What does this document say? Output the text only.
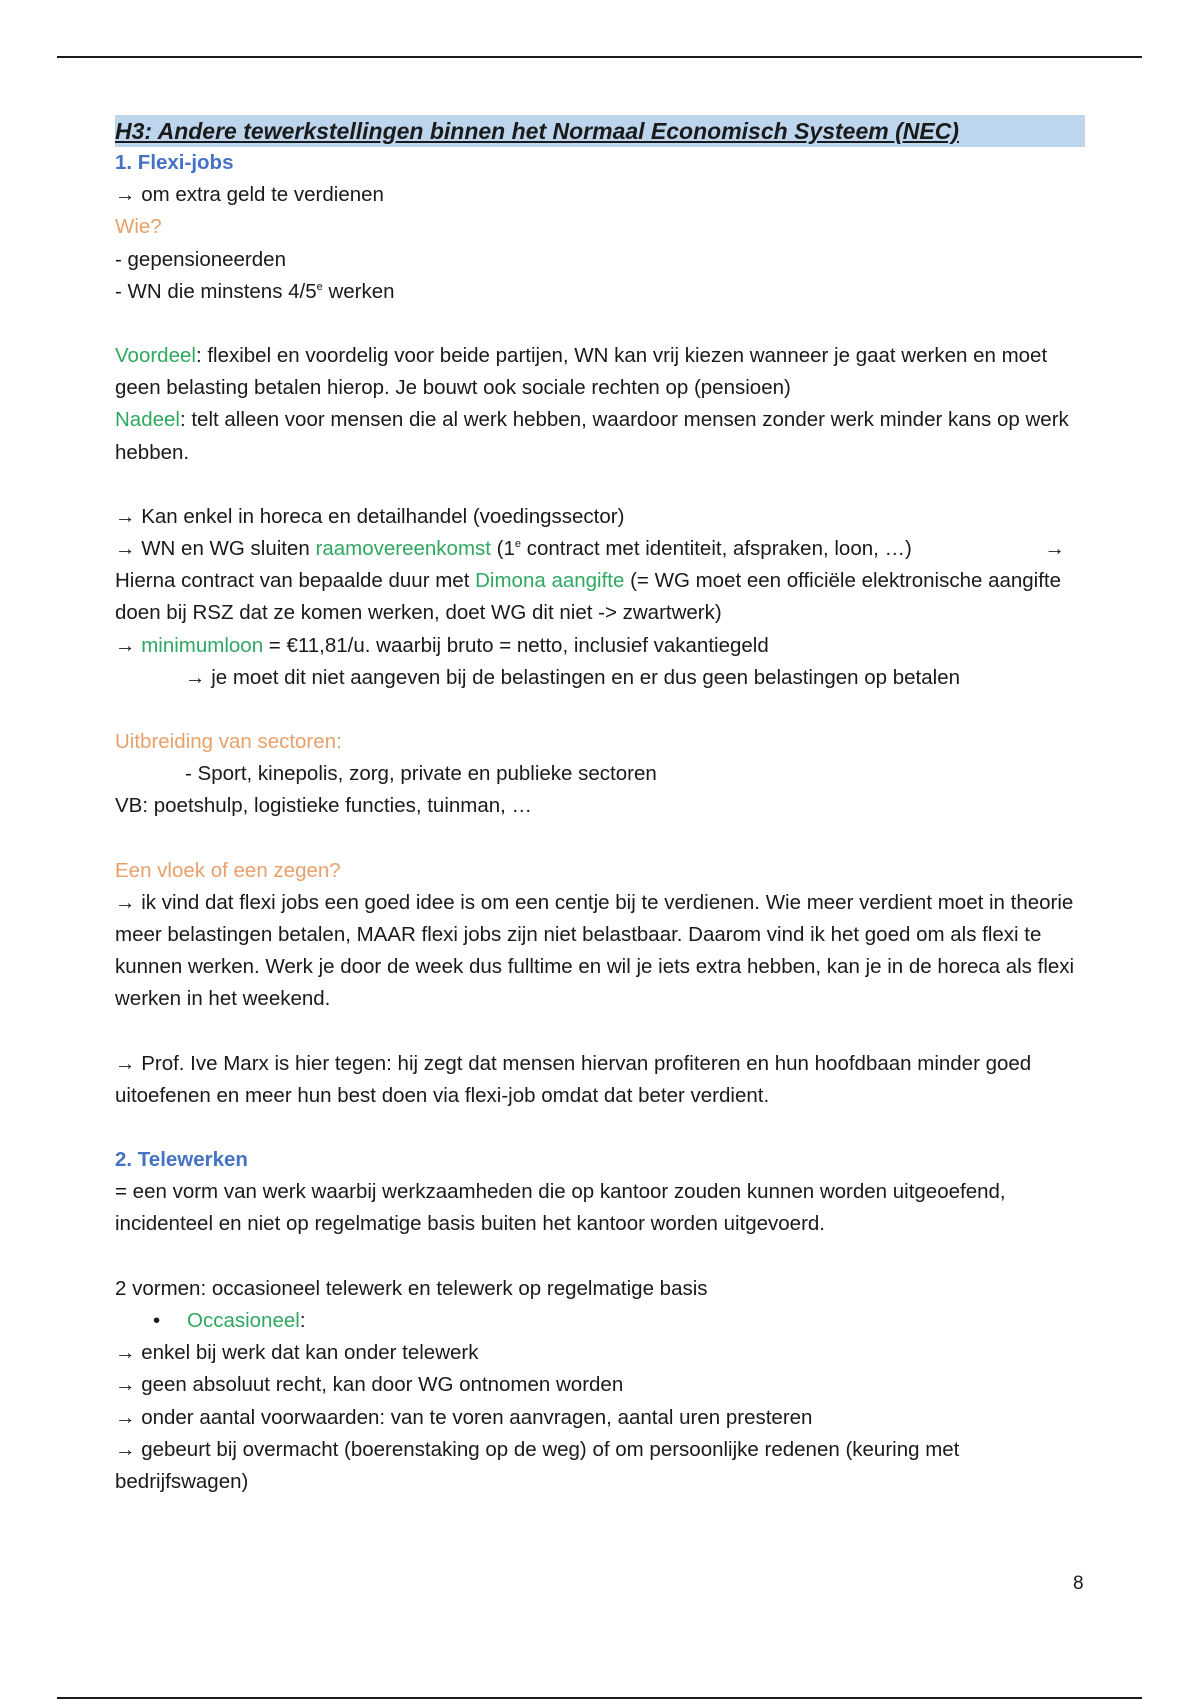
H3: Andere tewerkstellingen binnen het Normaal Economisch Systeem (NEC)
1. Flexi-jobs
→ om extra geld te verdienen
Wie?
- gepensioneerden
- WN die minstens 4/5e werken
Voordeel: flexibel en voordelig voor beide partijen, WN kan vrij kiezen wanneer je gaat werken en moet geen belasting betalen hierop. Je bouwt ook sociale rechten op (pensioen)
Nadeel: telt alleen voor mensen die al werk hebben, waardoor mensen zonder werk minder kans op werk hebben.
→ Kan enkel in horeca en detailhandel (voedingssector)
→ WN en WG sluiten raamovereenkomst (1e contract met identiteit, afspraken, loon, …)	→
Hierna contract van bepaalde duur met Dimona aangifte (= WG moet een officiële elektronische aangifte doen bij RSZ dat ze komen werken, doet WG dit niet -> zwartwerk)
→ minimumloon = €11,81/u. waarbij bruto = netto, inclusief vakantiegeld
→ je moet dit niet aangeven bij de belastingen en er dus geen belastingen op betalen
Uitbreiding van sectoren:
- Sport, kinepolis, zorg, private en publieke sectoren
VB: poetshulp, logistieke functies, tuinman, …
Een vloek of een zegen?
→ ik vind dat flexi jobs een goed idee is om een centje bij te verdienen. Wie meer verdient moet in theorie meer belastingen betalen, MAAR flexi jobs zijn niet belastbaar. Daarom vind ik het goed om als flexi te kunnen werken. Werk je door de week dus fulltime en wil je iets extra hebben, kan je in de horeca als flexi werken in het weekend.
→ Prof. Ive Marx is hier tegen: hij zegt dat mensen hiervan profiteren en hun hoofdbaan minder goed uitoefenen en meer hun best doen via flexi-job omdat dat beter verdient.
2. Telewerken
= een vorm van werk waarbij werkzaamheden die op kantoor zouden kunnen worden uitgeoefend, incidenteel en niet op regelmatige basis buiten het kantoor worden uitgevoerd.
2 vormen: occasioneel telewerk en telewerk op regelmatige basis
• Occasioneel:
→ enkel bij werk dat kan onder telewerk
→ geen absoluut recht, kan door WG ontnomen worden
→ onder aantal voorwaarden: van te voren aanvragen, aantal uren presteren
→ gebeurt bij overmacht (boerenstaking op de weg) of om persoonlijke redenen (keuring met bedrijfswagen)
8
